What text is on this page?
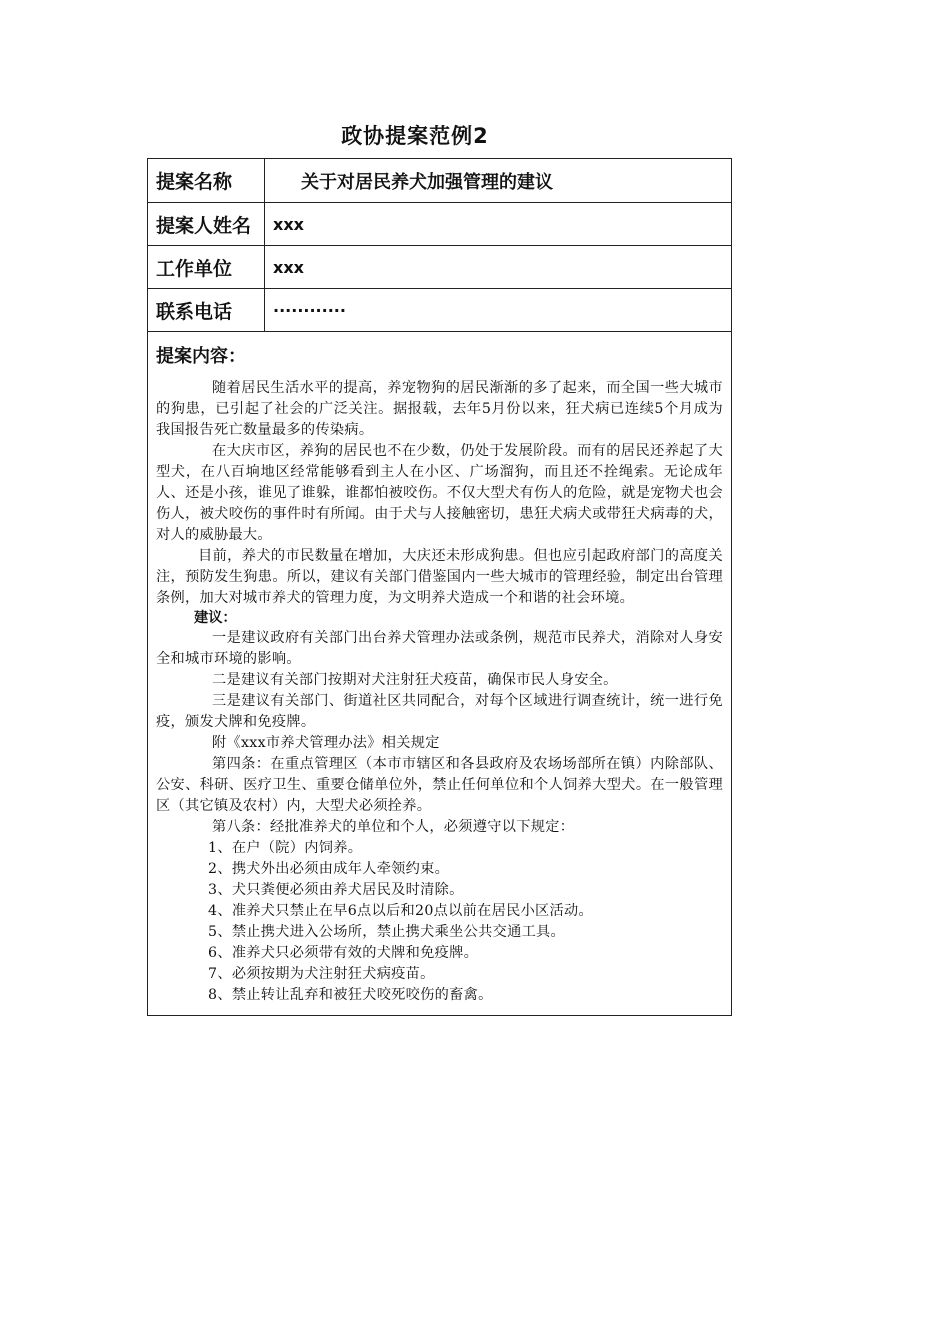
政协提案范例2
提案名称	关于对居民养犬加强管理的建议
提案人姓名	xxx
工作单位	xxx
联系电话	············
提案内容：

随着居民生活水平的提高，养宠物狗的居民渐渐的多了起来，而全国一些大城市的狗患，已引起了社会的广泛关注。据报载，去年5月份以来，狂犬病已连续5个月成为我国报告死亡数量最多的传染病。

在大庆市区，养狗的居民也不在少数，仍处于发展阶段。而有的居民还养起了大型犬，在八百垧地区经常能够看到主人在小区、广场溜狗，而且还不拴绳索。无论成年人、还是小孩，谁见了谁躲，谁都怕被咬伤。不仅大型犬有伤人的危险，就是宠物犬也会伤人，被犬咬伤的事件时有所闻。由于犬与人接触密切，患狂犬病犬或带狂犬病毒的犬，对人的威胁最大。

目前，养犬的市民数量在增加，大庆还未形成狗患。但也应引起政府部门的高度关注，预防发生狗患。所以，建议有关部门借鉴国内一些大城市的管理经验，制定出台管理条例，加大对城市养犬的管理力度，为文明养犬造成一个和谐的社会环境。

建议：

一是建议政府有关部门出台养犬管理办法或条例，规范市民养犬，消除对人身安全和城市环境的影响。

二是建议有关部门按期对犬注射狂犬疫苗，确保市民人身安全。

三是建议有关部门、街道社区共同配合，对每个区域进行调查统计，统一进行免疫，颁发犬牌和免疫牌。

附《xxx市养犬管理办法》相关规定

第四条：在重点管理区（本市市辖区和各县政府及农场场部所在镇）内除部队、公安、科研、医疗卫生、重要仓储单位外，禁止任何单位和个人饲养大型犬。在一般管理区（其它镇及农村）内，大型犬必须拴养。

第八条：经批准养犬的单位和个人，必须遵守以下规定：

1、在户（院）内饲养。
2、携犬外出必须由成年人牵领约束。
3、犬只粪便必须由养犬居民及时清除。
4、准养犬只禁止在早6点以后和20点以前在居民小区活动。
5、禁止携犬进入公场所，禁止携犬乘坐公共交通工具。
6、准养犬只必须带有效的犬牌和免疫牌。
7、必须按期为犬注射狂犬病疫苗。
8、禁止转让乱弃和被狂犬咬死咬伤的畜禽。
